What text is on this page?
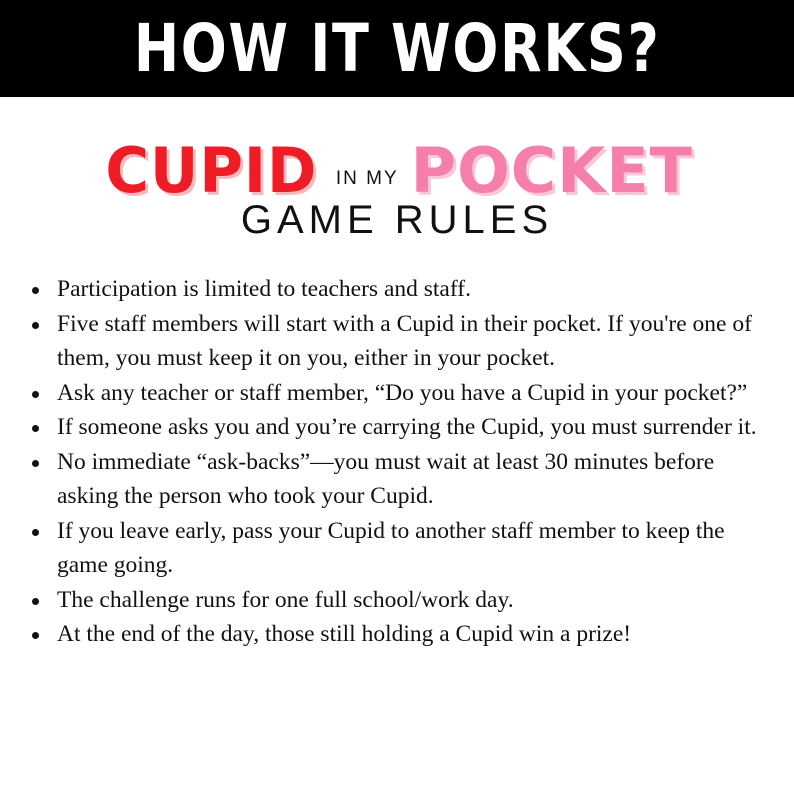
HOW IT WORKS?
CUPID IN MY POCKET
GAME RULES
Participation is limited to teachers and staff.
Five staff members will start with a Cupid in their pocket. If you're one of them, you must keep it on you, either in your pocket.
Ask any teacher or staff member, “Do you have a Cupid in your pocket?”
If someone asks you and you’re carrying the Cupid, you must surrender it.
No immediate “ask-backs”—you must wait at least 30 minutes before asking the person who took your Cupid.
If you leave early, pass your Cupid to another staff member to keep the game going.
The challenge runs for one full school/work day.
At the end of the day, those still holding a Cupid win a prize!
